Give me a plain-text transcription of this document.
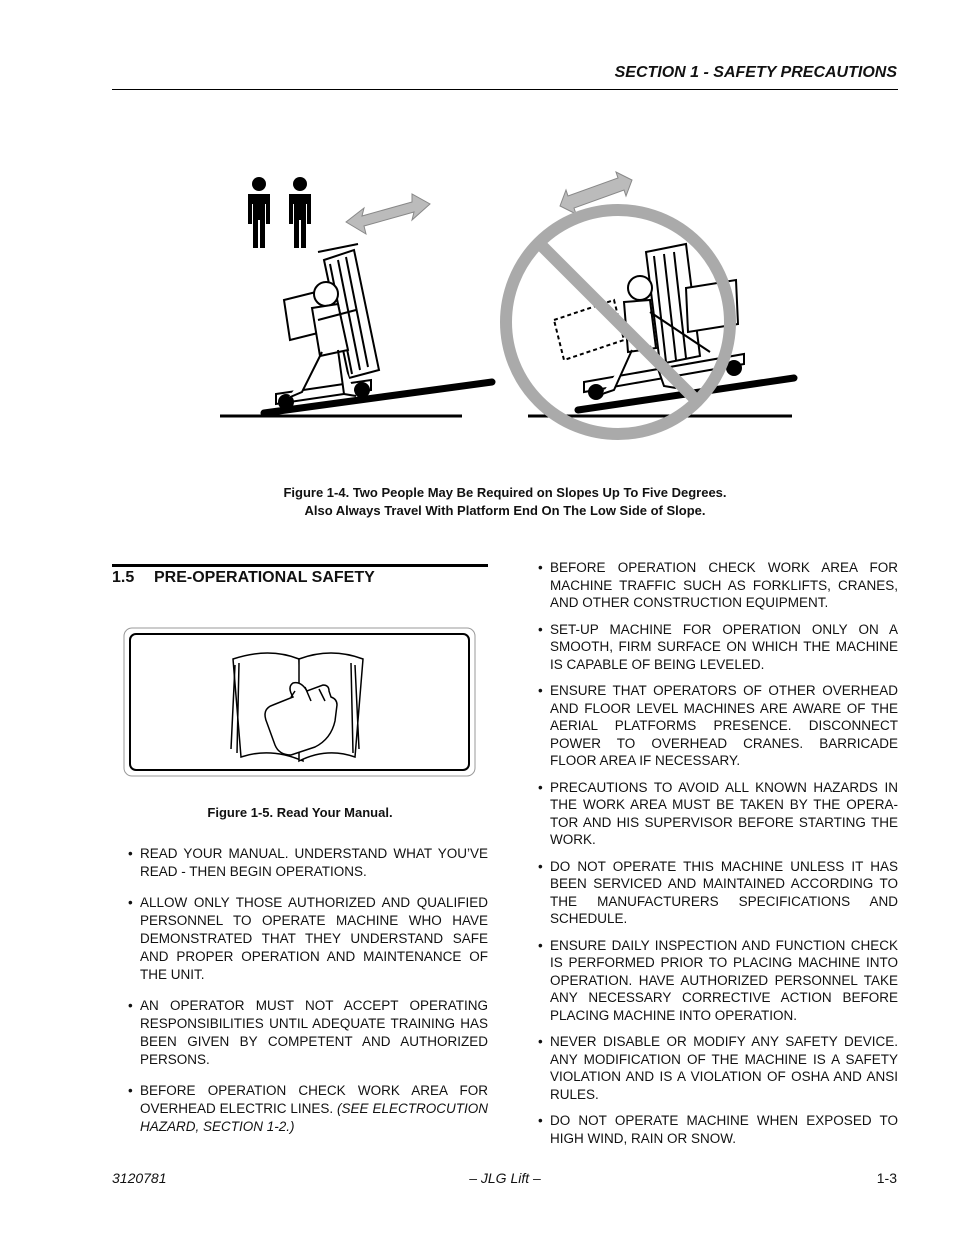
SECTION 1 - SAFETY PRECAUTIONS
Figure 1-4. Two People May Be Required on Slopes Up To Five Degrees.
Also Always Travel With Platform End On The Low Side of Slope.
1.5 PRE-OPERATIONAL SAFETY
Figure 1-5. Read Your Manual.
• READ YOUR MANUAL. UNDERSTAND WHAT YOU’VE READ - THEN BEGIN OPERATIONS.
• ALLOW ONLY THOSE AUTHORIZED AND QUALIFIED PERSONNEL TO OPERATE MACHINE WHO HAVE DEMONSTRATED THAT THEY UNDERSTAND SAFE AND PROPER OPERATION AND MAINTENANCE OF THE UNIT.
• AN OPERATOR MUST NOT ACCEPT OPERATING RESPONSIBILITIES UNTIL ADEQUATE TRAINING HAS BEEN GIVEN BY COMPETENT AND AUTHORIZED PERSONS.
• BEFORE OPERATION CHECK WORK AREA FOR OVERHEAD ELECTRIC LINES. (SEE ELECTROCUTION HAZARD, SECTION 1-2.)
• BEFORE OPERATION CHECK WORK AREA FOR MACHINE TRAFFIC SUCH AS FORKLIFTS, CRANES, AND OTHER CONSTRUCTION EQUIPMENT.
• SET-UP MACHINE FOR OPERATION ONLY ON A SMOOTH, FIRM SURFACE ON WHICH THE MACHINE IS CAPABLE OF BEING LEVELED.
• ENSURE THAT OPERATORS OF OTHER OVERHEAD AND FLOOR LEVEL MACHINES ARE AWARE OF THE AERIAL PLATFORMS PRESENCE. DISCONNECT POWER TO OVERHEAD CRANES. BARRICADE FLOOR AREA IF NECESSARY.
• PRECAUTIONS TO AVOID ALL KNOWN HAZARDS IN THE WORK AREA MUST BE TAKEN BY THE OPERA-TOR AND HIS SUPERVISOR BEFORE STARTING THE WORK.
• DO NOT OPERATE THIS MACHINE UNLESS IT HAS BEEN SERVICED AND MAINTAINED ACCORDING TO THE MANUFACTURERS SPECIFICATIONS AND SCHEDULE.
• ENSURE DAILY INSPECTION AND FUNCTION CHECK IS PERFORMED PRIOR TO PLACING MACHINE INTO OPERATION. HAVE AUTHORIZED PERSONNEL TAKE ANY NECESSARY CORRECTIVE ACTION BEFORE PLACING MACHINE INTO OPERATION.
• NEVER DISABLE OR MODIFY ANY SAFETY DEVICE. ANY MODIFICATION OF THE MACHINE IS A SAFETY VIOLATION AND IS A VIOLATION OF OSHA AND ANSI RULES.
• DO NOT OPERATE MACHINE WHEN EXPOSED TO HIGH WIND, RAIN OR SNOW.
3120781	– JLG Lift –	1-3
